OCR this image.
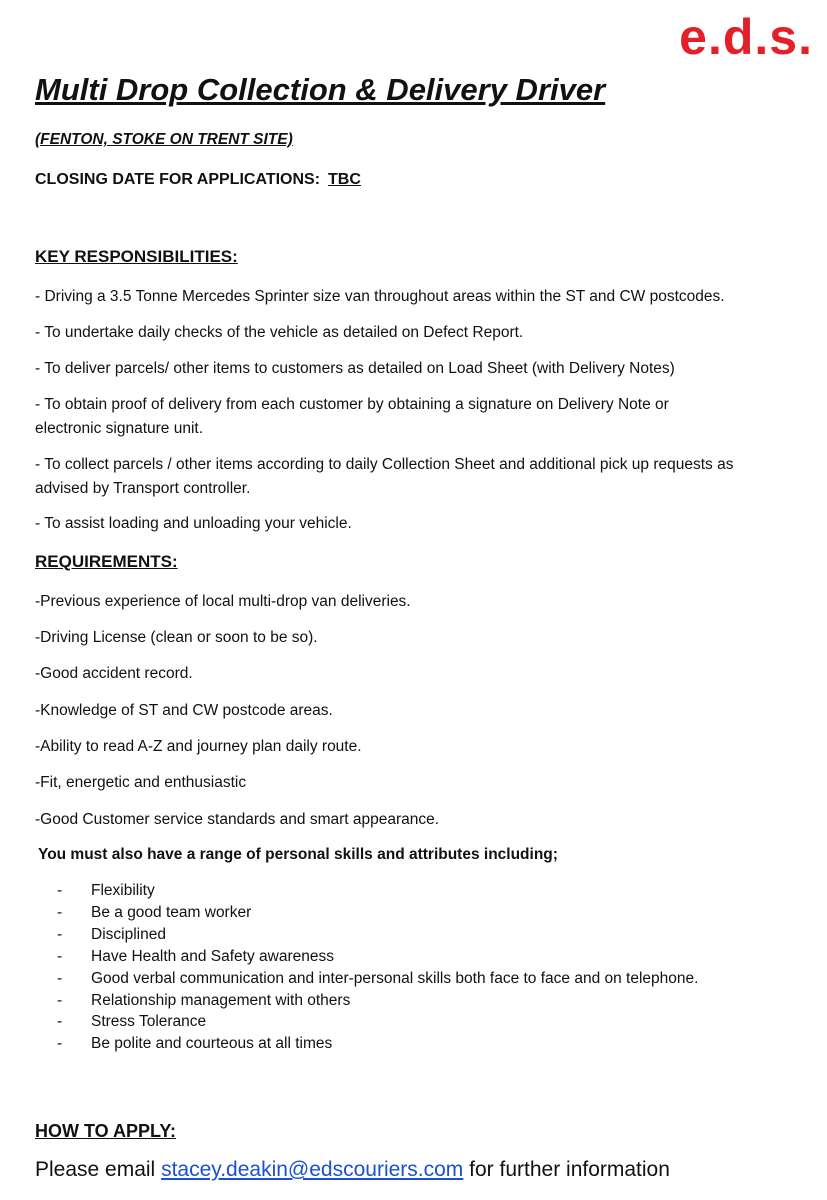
e.d.s.
Multi Drop Collection & Delivery Driver
(FENTON, STOKE ON TRENT SITE)
CLOSING DATE FOR APPLICATIONS: TBC
KEY RESPONSIBILITIES:
- Driving a 3.5 Tonne Mercedes Sprinter size van throughout areas within the ST and CW postcodes.
- To undertake daily checks of the vehicle as detailed on Defect Report.
- To deliver parcels/ other items to customers as detailed on Load Sheet (with Delivery Notes)
- To obtain proof of delivery from each customer by obtaining a signature on Delivery Note or electronic signature unit.
- To collect parcels / other items according to daily Collection Sheet and additional pick up requests as advised by Transport controller.
- To assist loading and unloading your vehicle.
REQUIREMENTS:
-Previous experience of local multi-drop van deliveries.
-Driving License (clean or soon to be so).
-Good accident record.
-Knowledge of ST and CW postcode areas.
-Ability to read A-Z and journey plan daily route.
-Fit, energetic and enthusiastic
-Good Customer service standards and smart appearance.
You must also have a range of personal skills and attributes including;
- Flexibility
- Be a good team worker
- Disciplined
- Have Health and Safety awareness
- Good verbal communication and inter-personal skills both face to face and on telephone.
- Relationship management with others
- Stress Tolerance
- Be polite and courteous at all times
HOW TO APPLY:
Please email stacey.deakin@edscouriers.com for further information
